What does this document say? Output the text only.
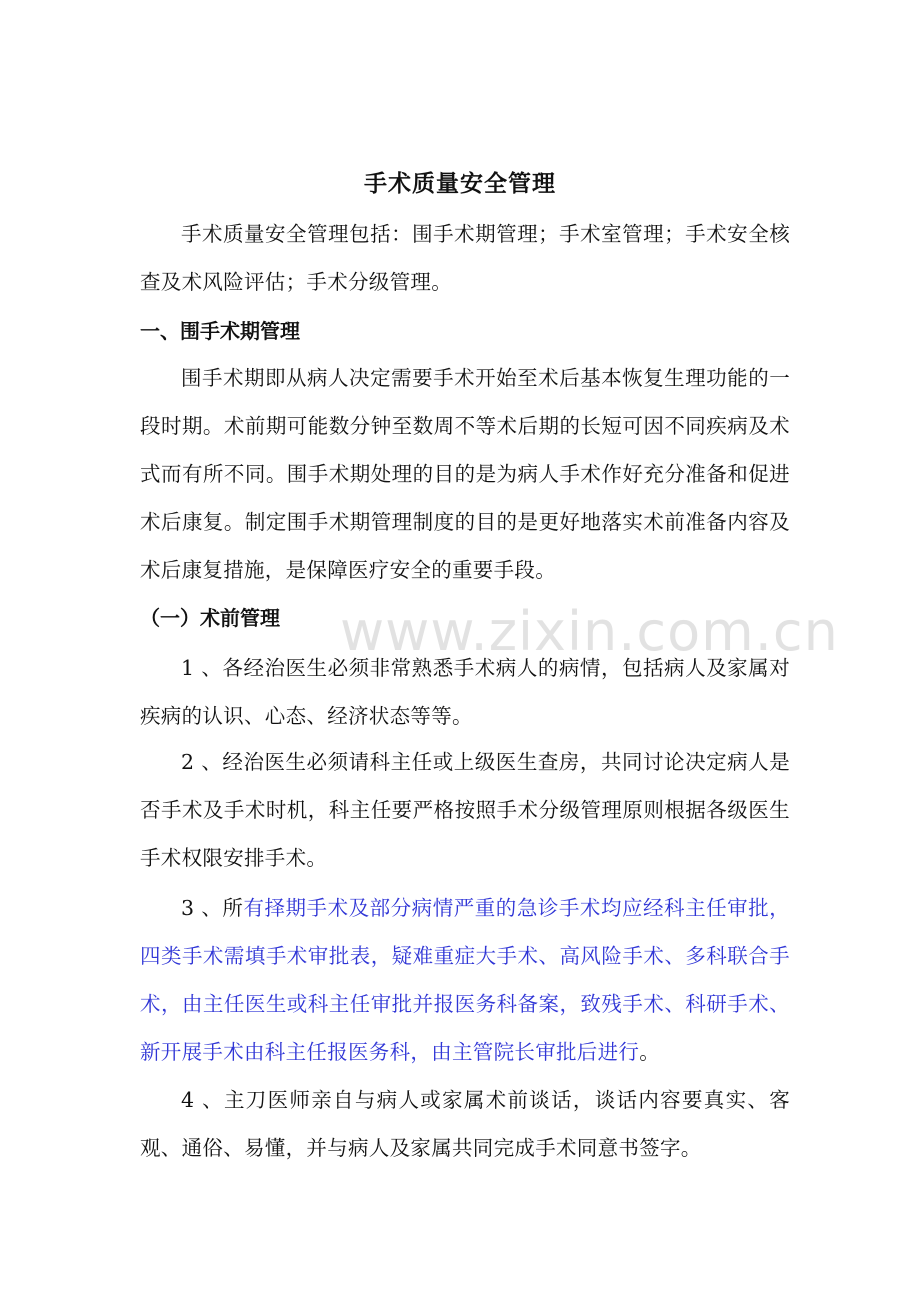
手术质量安全管理
手术质量安全管理包括：围手术期管理；手术室管理；手术安全核查及术风险评估；手术分级管理。
一、围手术期管理
围手术期即从病人决定需要手术开始至术后基本恢复生理功能的一段时期。术前期可能数分钟至数周不等术后期的长短可因不同疾病及术式而有所不同。围手术期处理的目的是为病人手术作好充分准备和促进术后康复。制定围手术期管理制度的目的是更好地落实术前准备内容及术后康复措施，是保障医疗安全的重要手段。
（一）术前管理
1 、各经治医生必须非常熟悉手术病人的病情，包括病人及家属对疾病的认识、心态、经济状态等等。
2 、经治医生必须请科主任或上级医生查房，共同讨论决定病人是否手术及手术时机，科主任要严格按照手术分级管理原则根据各级医生手术权限安排手术。
3 、所有择期手术及部分病情严重的急诊手术均应经科主任审批，四类手术需填手术审批表，疑难重症大手术、高风险手术、多科联合手术，由主任医生或科主任审批并报医务科备案，致残手术、科研手术、新开展手术由科主任报医务科，由主管院长审批后进行。
4 、主刀医师亲自与病人或家属术前谈话，谈话内容要真实、客观、通俗、易懂，并与病人及家属共同完成手术同意书签字。
www.zixin.com.cn
